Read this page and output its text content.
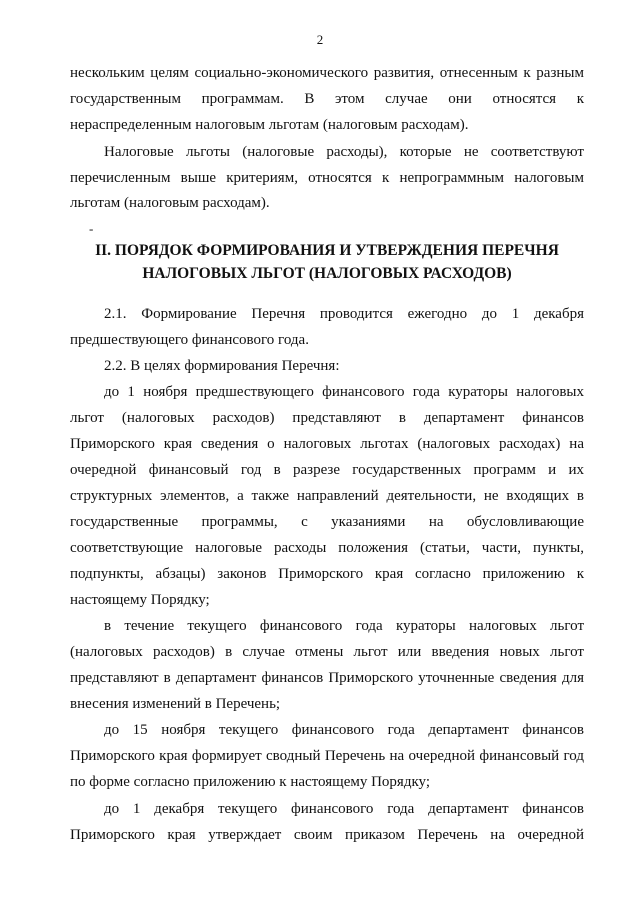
2
нескольким целям социально-экономического развития, отнесенным к разным
государственным программам. В этом случае они относятся к
нераспределенным налоговым льготам (налоговым расходам).
Налоговые льготы (налоговые расходы), которые не соответствуют
перечисленным выше критериям, относятся к непрограммным налоговым
льготам (налоговым расходам).
-
II. ПОРЯДОК ФОРМИРОВАНИЯ И УТВЕРЖДЕНИЯ ПЕРЕЧНЯ
НАЛОГОВЫХ ЛЬГОТ (НАЛОГОВЫХ РАСХОДОВ)
2.1. Формирование Перечня проводится ежегодно до 1 декабря
предшествующего финансового года.
2.2. В целях формирования Перечня:
до 1 ноября предшествующего финансового года кураторы налоговых
льгот (налоговых расходов) представляют в департамент финансов
Приморского края сведения о налоговых льготах (налоговых расходах) на
очередной финансовый год в разрезе государственных программ и их
структурных элементов, а также направлений деятельности, не входящих в
государственные программы, с указаниями на обусловливающие
соответствующие налоговые расходы положения (статьи, части, пункты,
подпункты, абзацы) законов Приморского края согласно приложению к
настоящему Порядку;
в течение текущего финансового года кураторы налоговых льгот
(налоговых расходов) в случае отмены льгот или введения новых льгот
представляют в департамент финансов Приморского уточненные сведения для
внесения изменений в Перечень;
до 15 ноября текущего финансового года департамент финансов
Приморского края формирует сводный Перечень на очередной финансовый год
по форме согласно приложению к настоящему Порядку;
до 1 декабря текущего финансового года департамент финансов
Приморского края утверждает своим приказом Перечень на очередной
